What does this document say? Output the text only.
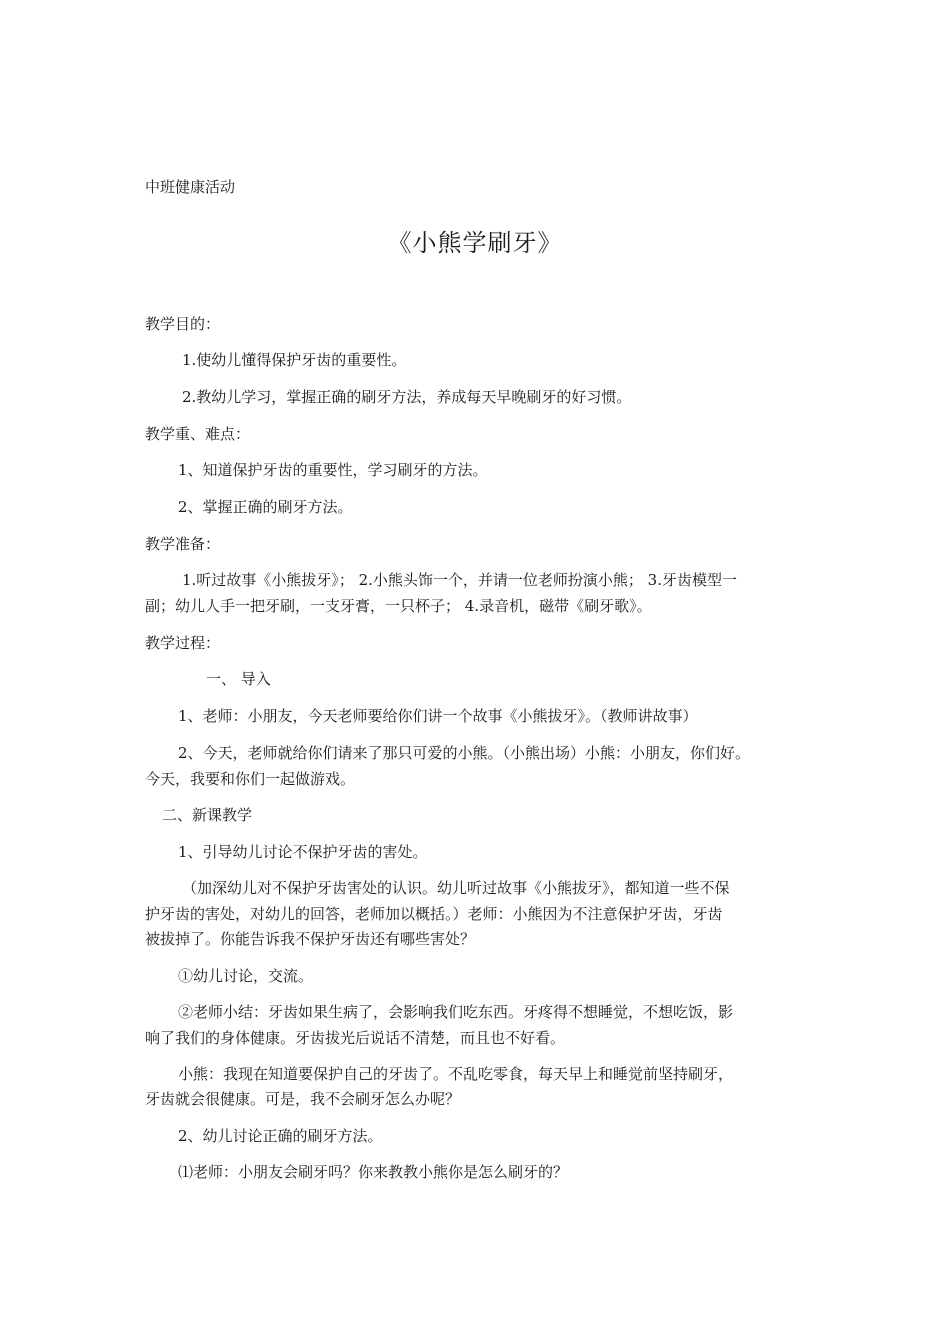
中班健康活动

《小熊学刷牙》

教学目的：

1.使幼儿懂得保护牙齿的重要性。

2.教幼儿学习，掌握正确的刷牙方法，养成每天早晚刷牙的好习惯。

教学重、难点：

1、知道保护牙齿的重要性，学习刷牙的方法。

2、掌握正确的刷牙方法。

教学准备：

1.听过故事《小熊拔牙》； 2.小熊头饰一个，并请一位老师扮演小熊； 3.牙齿模型一

副；幼儿人手一把牙刷，一支牙膏，一只杯子； 4.录音机，磁带《刷牙歌》。

教学过程：

一、 导入

1、老师：小朋友，今天老师要给你们讲一个故事《小熊拔牙》。（教师讲故事）

2、今天，老师就给你们请来了那只可爱的小熊。（小熊出场）小熊：小朋友，你们好。

今天，我要和你们一起做游戏。

二、新课教学

1、引导幼儿讨论不保护牙齿的害处。

（加深幼儿对不保护牙齿害处的认识。幼儿听过故事《小熊拔牙》，都知道一些不保

护牙齿的害处，对幼儿的回答，老师加以概括。）老师：小熊因为不注意保护牙齿，牙齿

被拔掉了。你能告诉我不保护牙齿还有哪些害处？

①幼儿讨论，交流。

②老师小结：牙齿如果生病了，会影响我们吃东西。牙疼得不想睡觉，不想吃饭，影

响了我们的身体健康。牙齿拔光后说话不清楚，而且也不好看。

小熊：我现在知道要保护自己的牙齿了。不乱吃零食，每天早上和睡觉前坚持刷牙，

牙齿就会很健康。可是，我不会刷牙怎么办呢？

2、幼儿讨论正确的刷牙方法。

⑴老师：小朋友会刷牙吗？你来教教小熊你是怎么刷牙的？
